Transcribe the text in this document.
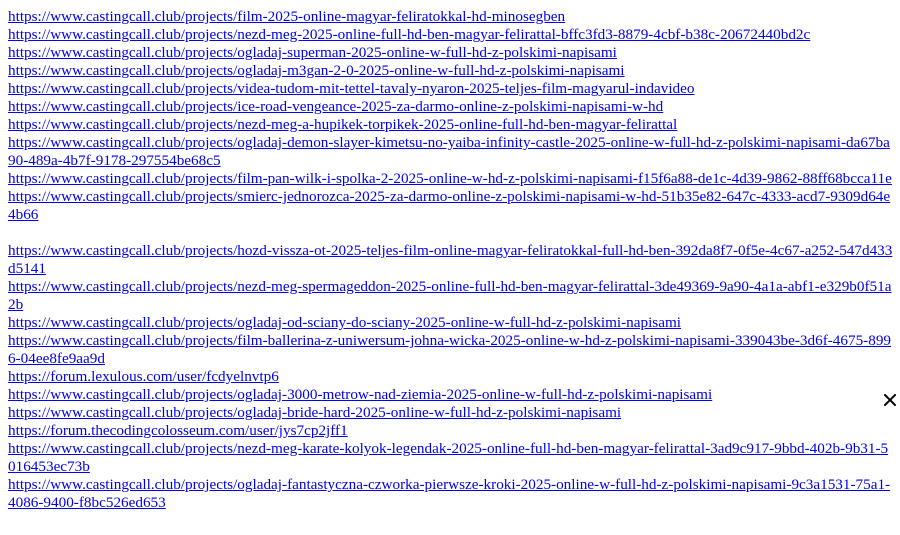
https://www.castingcall.club/projects/film-2025-online-magyar-feliratokkal-hd-minosegben
https://www.castingcall.club/projects/nezd-meg-2025-online-full-hd-ben-magyar-felirattal-bffc3fd3-8879-4cbf-b38c-20672440bd2c
https://www.castingcall.club/projects/ogladaj-superman-2025-online-w-full-hd-z-polskimi-napisami
https://www.castingcall.club/projects/ogladaj-m3gan-2-0-2025-online-w-full-hd-z-polskimi-napisami
https://www.castingcall.club/projects/videa-tudom-mit-tettel-tavaly-nyaron-2025-teljes-film-magyarul-indavideo
https://www.castingcall.club/projects/ice-road-vengeance-2025-za-darmo-online-z-polskimi-napisami-w-hd
https://www.castingcall.club/projects/nezd-meg-a-hupikek-torpikek-2025-online-full-hd-ben-magyar-felirattal
https://www.castingcall.club/projects/ogladaj-demon-slayer-kimetsu-no-yaiba-infinity-castle-2025-online-w-full-hd-z-polskimi-napisami-da67ba90-489a-4b7f-9178-297554be68c5
https://www.castingcall.club/projects/film-pan-wilk-i-spolka-2-2025-online-w-hd-z-polskimi-napisami-f15f6a88-de1c-4d39-9862-88ff68bcca11e
https://www.castingcall.club/projects/smierc-jednorozca-2025-za-darmo-online-z-polskimi-napisami-w-hd-51b35e82-647c-4333-acd7-9309d64e4b66
https://www.castingcall.club/projects/hozd-vissza-ot-2025-teljes-film-online-magyar-feliratokkal-full-hd-ben-392da8f7-0f5e-4c67-a252-547d433d5141
https://www.castingcall.club/projects/nezd-meg-spermageddon-2025-online-full-hd-ben-magyar-felirattal-3de49369-9a90-4a1a-abf1-e329b0f51a2b
https://www.castingcall.club/projects/ogladaj-od-sciany-do-sciany-2025-online-w-full-hd-z-polskimi-napisami
https://www.castingcall.club/projects/film-ballerina-z-uniwersum-johna-wicka-2025-online-w-hd-z-polskimi-napisami-339043be-3d6f-4675-8996-04ee8fe9aa9d
https://forum.lexulous.com/user/fcdyelnvtp6
https://www.castingcall.club/projects/ogladaj-3000-metrow-nad-ziemia-2025-online-w-full-hd-z-polskimi-napisami
https://www.castingcall.club/projects/ogladaj-bride-hard-2025-online-w-full-hd-z-polskimi-napisami
https://forum.thecodingcolosseum.com/user/jys7cp2jff1
https://www.castingcall.club/projects/nezd-meg-karate-kolyok-legendak-2025-online-full-hd-ben-magyar-felirattal-3ad9c917-9bbd-402b-9b31-5016453ec73b
https://www.castingcall.club/projects/ogladaj-fantastyczna-czworka-pierwsze-kroki-2025-online-w-full-hd-z-polskimi-napisami-9c3a1531-75a1-4086-9400-f8bc526ed653
